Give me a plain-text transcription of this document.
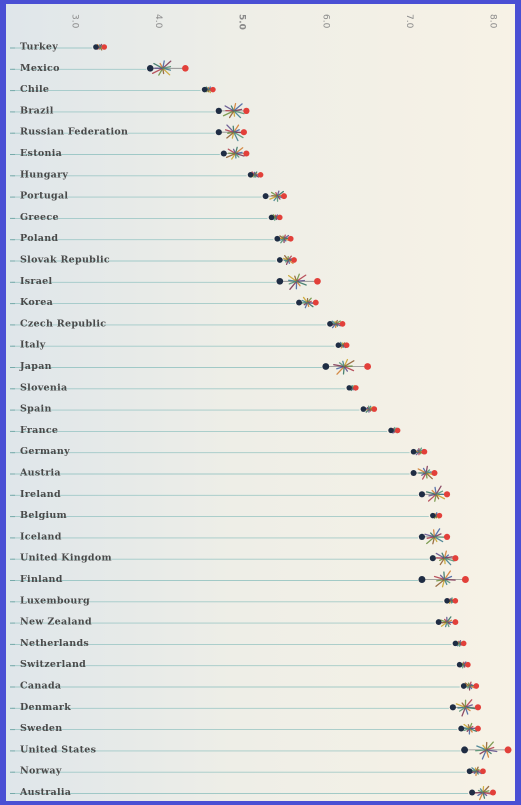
3.0	4.0	5.0	6.0	7.0	8.0
Turkey
Mexico
Chile
Brazil
Russian Federation
Estonia
Hungary
Portugal
Greece
Poland
Slovak Republic
Israel
Korea
Czech Republic
Italy
Japan
Slovenia
Spain
France
Germany
Austria
Ireland
Belgium
Iceland
United Kingdom
Finland
Luxembourg
New Zealand
Netherlands
Switzerland
Canada
Denmark
Sweden
United States
Norway
Australia
